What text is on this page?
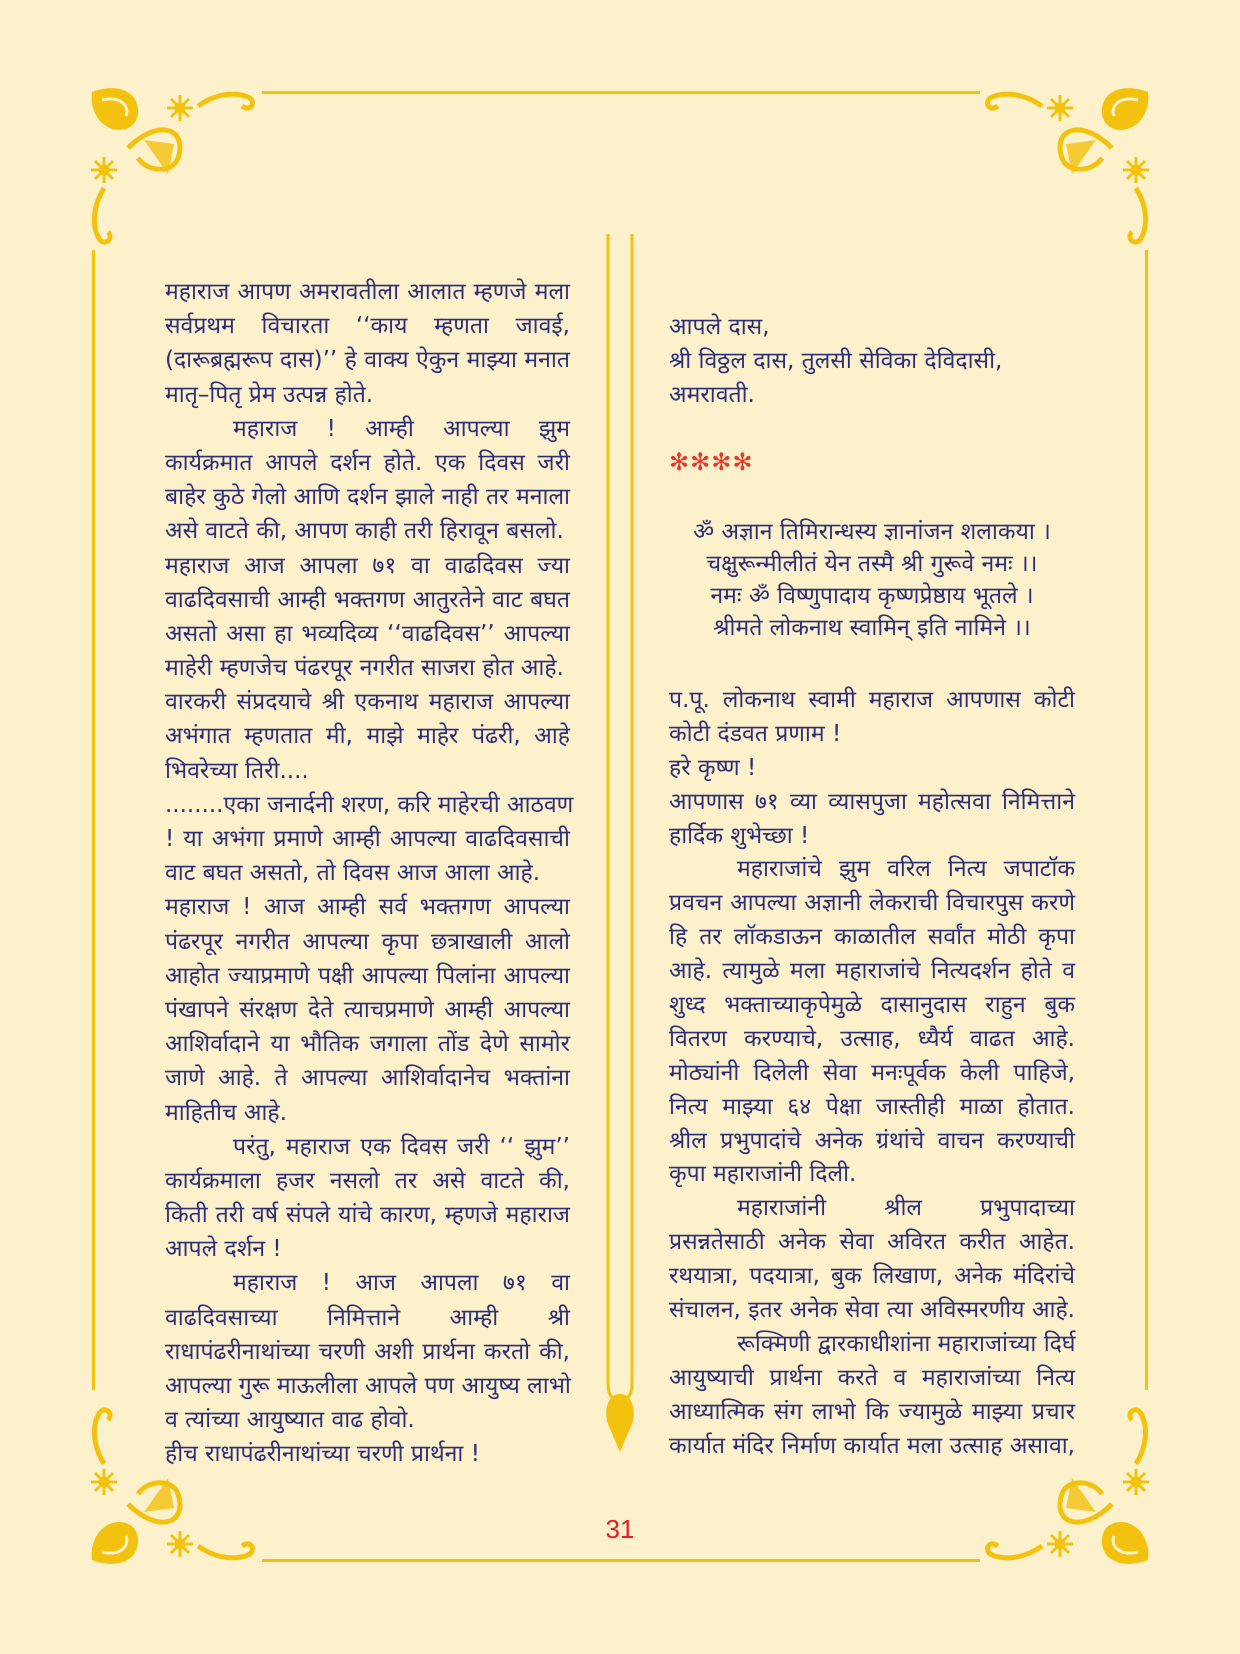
महाराज आपण अमरावतीला आलात म्हणजे मला
सर्वप्रथम विचारता ‘‘काय म्हणता जावई,
(दारूब्रह्मरूप दास)’’ हे वाक्य ऐकुन माझ्या मनात
मातृ–पितृ प्रेम उत्पन्न होते.
महाराज ! आम्ही आपल्या झुम
कार्यक्रमात आपले दर्शन होते. एक दिवस जरी
बाहेर कुठे गेलो आणि दर्शन झाले नाही तर मनाला
असे वाटते की, आपण काही तरी हिरावून बसलो.
महाराज आज आपला ७१ वा वाढदिवस ज्या
वाढदिवसाची आम्ही भक्तगण आतुरतेने वाट बघत
असतो असा हा भव्यदिव्य ‘‘वाढदिवस’’ आपल्या
माहेरी म्हणजेच पंढरपूर नगरीत साजरा होत आहे.
वारकरी संप्रदयाचे श्री एकनाथ महाराज आपल्या
अभंगात म्हणतात मी, माझे माहेर पंढरी, आहे
भिवरेच्या तिरी....
........एका जनार्दनी शरण, करि माहेरची आठवण
! या अभंगा प्रमाणे आम्ही आपल्या वाढदिवसाची
वाट बघत असतो, तो दिवस आज आला आहे.
महाराज ! आज आम्ही सर्व भक्तगण आपल्या
पंढरपूर नगरीत आपल्या कृपा छत्राखाली आलो
आहोत ज्याप्रमाणे पक्षी आपल्या पिलांना आपल्या
पंखापने संरक्षण देते त्याचप्रमाणे आम्ही आपल्या
आशिर्वादाने या भौतिक जगाला तोंड देणे सामोर
जाणे आहे. ते आपल्या आशिर्वादानेच भक्तांना
माहितीच आहे.
परंतु, महाराज एक दिवस जरी ‘‘ झुम’’
कार्यक्रमाला हजर नसलो तर असे वाटते की,
किती तरी वर्ष संपले यांचे कारण, म्हणजे महाराज
आपले दर्शन !
महाराज ! आज आपला ७१ वा
वाढदिवसाच्या निमित्ताने आम्ही श्री
राधापंढरीनाथांच्या चरणी अशी प्रार्थना करतो की,
आपल्या गुरू माऊलीला आपले पण आयुष्य लाभो
व त्यांच्या आयुष्यात वाढ होवो.
हीच राधापंढरीनाथांच्या चरणी प्रार्थना !
आपले दास,
श्री विठ्ठल दास, तुलसी सेविका देविदासी,
अमरावती.
✻✻✻✻
ॐ अज्ञान तिमिरान्धस्य ज्ञानांजन शलाकया ।
चक्षुरून्मीलीतं येन तस्मै श्री गुरूवे नमः ।।
नमः ॐ विष्णुपादाय कृष्णप्रेष्ठाय भूतले ।
श्रीमते लोकनाथ स्वामिन् इति नामिने ।।
प.पू. लोकनाथ स्वामी महाराज आपणास कोटी
कोटी दंडवत प्रणाम !
हरे कृष्ण !
आपणास ७१ व्या व्यासपुजा महोत्सवा निमित्ताने
हार्दिक शुभेच्छा !
महाराजांचे झुम वरिल नित्य जपाटॉक
प्रवचन आपल्या अज्ञानी लेकराची विचारपुस करणे
हि तर लॉकडाऊन काळातील सर्वांत मोठी कृपा
आहे. त्यामुळे मला महाराजांचे नित्यदर्शन होते व
शुध्द भक्ताच्याकृपेमुळे दासानुदास राहुन बुक
वितरण करण्याचे, उत्साह, ध्यैर्य वाढत आहे.
मोठ्यांनी दिलेली सेवा मनःपूर्वक केली पाहिजे,
नित्य माझ्या ६४ पेक्षा जास्तीही माळा होतात.
श्रील प्रभुपादांचे अनेक ग्रंथांचे वाचन करण्याची
कृपा महाराजांनी दिली.
महाराजांनी श्रील प्रभुपादाच्या
प्रसन्नतेसाठी अनेक सेवा अविरत करीत आहेत.
रथयात्रा, पदयात्रा, बुक लिखाण, अनेक मंदिरांचे
संचालन, इतर अनेक सेवा त्या अविस्मरणीय आहे.
रूक्मिणी द्वारकाधीशांना महाराजांच्या दिर्घ
आयुष्याची प्रार्थना करते व महाराजांच्या नित्य
आध्यात्मिक संग लाभो कि ज्यामुळे माझ्या प्रचार
कार्यात मंदिर निर्माण कार्यात मला उत्साह असावा,
31
